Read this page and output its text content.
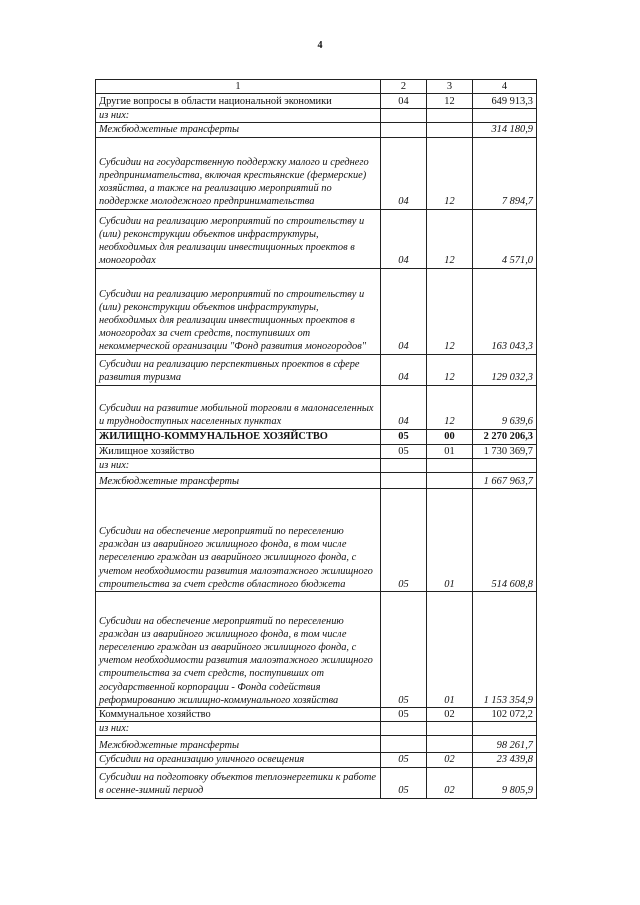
4
1	2	3	4
Другие вопросы в области национальной экономики	04	12	649 913,3
из них:			
Межбюджетные трансферты			314 180,9
Субсидии на государственную поддержку малого и среднего предпринимательства, включая крестьянские (фермерские) хозяйства, а также на реализацию мероприятий по поддержке молодежного предпринимательства	04	12	7 894,7
Субсидии на реализацию мероприятий по строительству и (или) реконструкции объектов инфраструктуры, необходимых для реализации инвестиционных проектов в моногородах	04	12	4 571,0
Субсидии на реализацию мероприятий по строительству и (или) реконструкции объектов инфраструктуры, необходимых для реализации инвестиционных проектов в моногородах за счет средств, поступивших от некоммерческой организации "Фонд развития моногородов"	04	12	163 043,3
Субсидии на реализацию перспективных проектов в сфере развития туризма	04	12	129 032,3
Субсидии на развитие мобильной торговли в малонаселенных и труднодоступных населенных пунктах	04	12	9 639,6
ЖИЛИЩНО-КОММУНАЛЬНОЕ ХОЗЯЙСТВО	05	00	2 270 206,3
Жилищное хозяйство	05	01	1 730 369,7
из них:			
Межбюджетные трансферты			1 667 963,7
Субсидии на обеспечение мероприятий по переселению граждан из аварийного жилищного фонда, в том числе переселению граждан из аварийного жилищного фонда, с учетом необходимости развития малоэтажного жилищного строительства за счет средств областного бюджета	05	01	514 608,8
Субсидии на обеспечение мероприятий по переселению граждан из аварийного жилищного фонда, в том числе переселению граждан из аварийного жилищного фонда, с учетом необходимости развития малоэтажного жилищного строительства за счет средств, поступивших от государственной корпорации - Фонда содействия реформированию жилищно-коммунального хозяйства	05	01	1 153 354,9
Коммунальное хозяйство	05	02	102 072,2
из них:			
Межбюджетные трансферты			98 261,7
Субсидии на организацию уличного освещения	05	02	23 439,8
Субсидии на подготовку объектов теплоэнергетики к работе в осенне-зимний период	05	02	9 805,9
